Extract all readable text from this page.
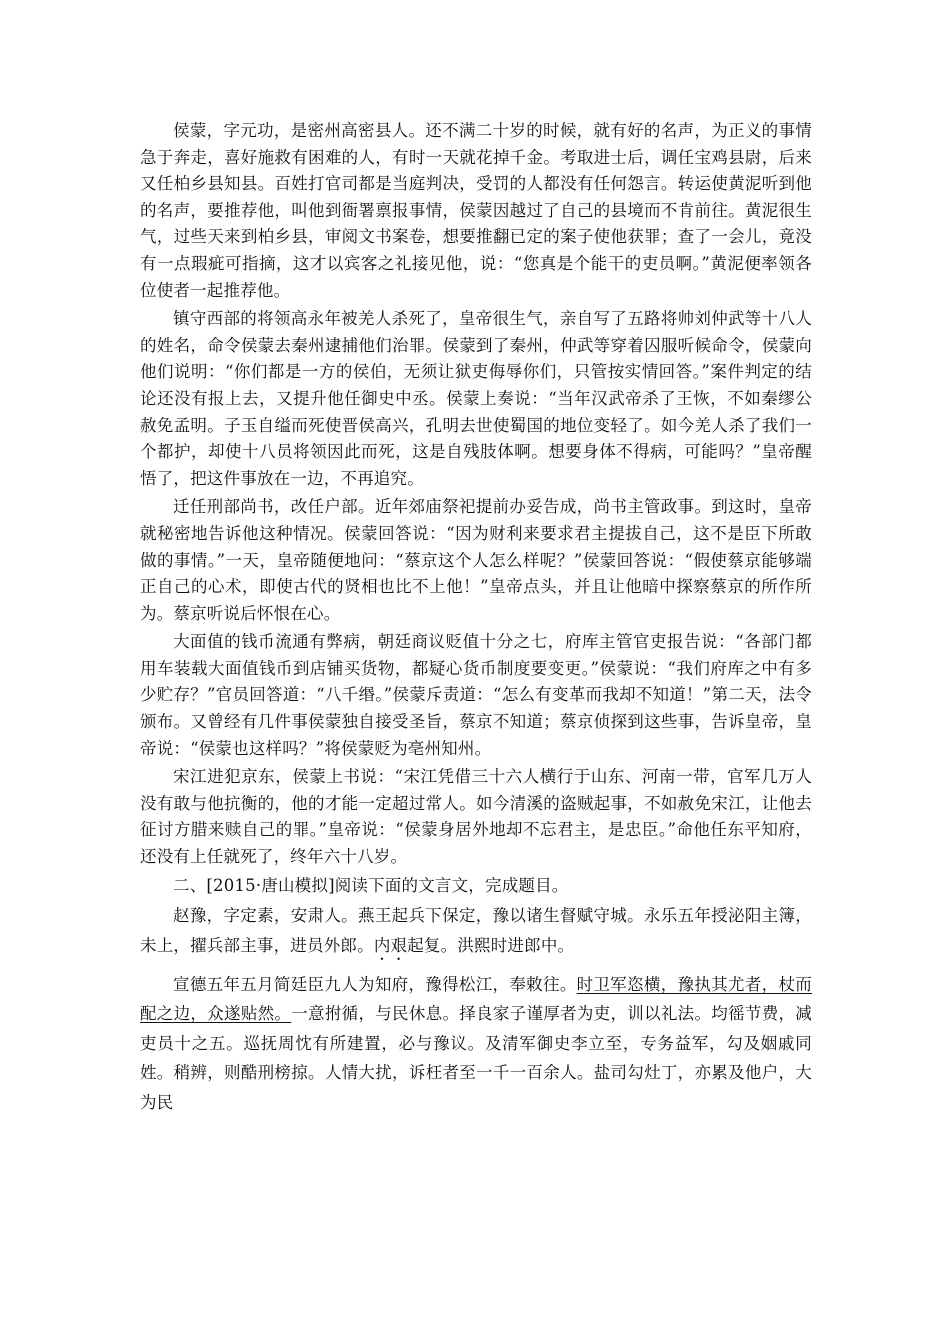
侯蒙，字元功，是密州高密县人。还不满二十岁的时候，就有好的名声，为正义的事情急于奔走，喜好施救有困难的人，有时一天就花掉千金。考取进士后，调任宝鸡县尉，后来又任柏乡县知县。百姓打官司都是当庭判决，受罚的人都没有任何怨言。转运使黄泥听到他的名声，要推荐他，叫他到衙署禀报事情，侯蒙因越过了自己的县境而不肯前往。黄泥很生气，过些天来到柏乡县，审阅文书案卷，想要推翻已定的案子使他获罪；查了一会儿，竟没有一点瑕疵可指摘，这才以宾客之礼接见他，说：“您真是个能干的吏员啊。”黄泥便率领各位使者一起推荐他。

镇守西部的将领高永年被羌人杀死了，皇帝很生气，亲自写了五路将帅刘仲武等十八人的姓名，命令侯蒙去秦州逮捕他们治罪。侯蒙到了秦州，仲武等穿着囚服听候命令，侯蒙向他们说明：“你们都是一方的侯伯，无须让狱吏侮辱你们，只管按实情回答。”案件判定的结论还没有报上去，又提升他任御史中丞。侯蒙上奏说：“当年汉武帝杀了王恢，不如秦缪公赦免孟明。子玉自缢而死使晋侯高兴，孔明去世使蜀国的地位变轻了。如今羌人杀了我们一个都护，却使十八员将领因此而死，这是自残肢体啊。想要身体不得病，可能吗？”皇帝醒悟了，把这件事放在一边，不再追究。

迁任刑部尚书，改任户部。近年郊庙祭祀提前办妥告成，尚书主管政事。到这时，皇帝就秘密地告诉他这种情况。侯蒙回答说：“因为财利来要求君主提拔自己，这不是臣下所敢做的事情。”一天，皇帝随便地问：“蔡京这个人怎么样呢？”侯蒙回答说：“假使蔡京能够端正自己的心术，即使古代的贤相也比不上他！”皇帝点头，并且让他暗中探察蔡京的所作所为。蔡京听说后怀恨在心。

大面值的钱币流通有弊病，朝廷商议贬值十分之七，府库主管官吏报告说：“各部门都用车装载大面值钱币到店铺买货物，都疑心货币制度要变更。”侯蒙说：“我们府库之中有多少贮存？”官员回答道：“八千缗。”侯蒙斥责道：“怎么有变革而我却不知道！”第二天，法令颁布。又曾经有几件事侯蒙独自接受圣旨，蔡京不知道；蔡京侦探到这些事，告诉皇帝，皇帝说：“侯蒙也这样吗？”将侯蒙贬为亳州知州。

宋江进犯京东，侯蒙上书说：“宋江凭借三十六人横行于山东、河南一带，官军几万人没有敢与他抗衡的，他的才能一定超过常人。如今清溪的盗贼起事，不如赦免宋江，让他去征讨方腊来赎自己的罪。”皇帝说：“侯蒙身居外地却不忘君主，是忠臣。”命他任东平知府，还没有上任就死了，终年六十八岁。

二、[2015·唐山模拟]阅读下面的文言文，完成题目。

赵豫，字定素，安肃人。燕王起兵下保定，豫以诸生督赋守城。永乐五年授泌阳主簿，未上，擢兵部主事，进员外郎。内艰起复。洪熙时进郎中。

宣德五年五月简廷臣九人为知府，豫得松江，奉敕往。时卫军恣横，豫执其尤者，杖而配之边，众遂贴然。一意拊循，与民休息。择良家子谨厚者为吏，训以礼法。均徭节费，减吏员十之五。巡抚周忱有所建置，必与豫议。及清军御史李立至，专务益军，勾及姻戚同姓。稍辨，则酷刑榜掠。人情大扰，诉枉者至一千一百余人。盐司勾灶丁，亦累及他户，大为民
